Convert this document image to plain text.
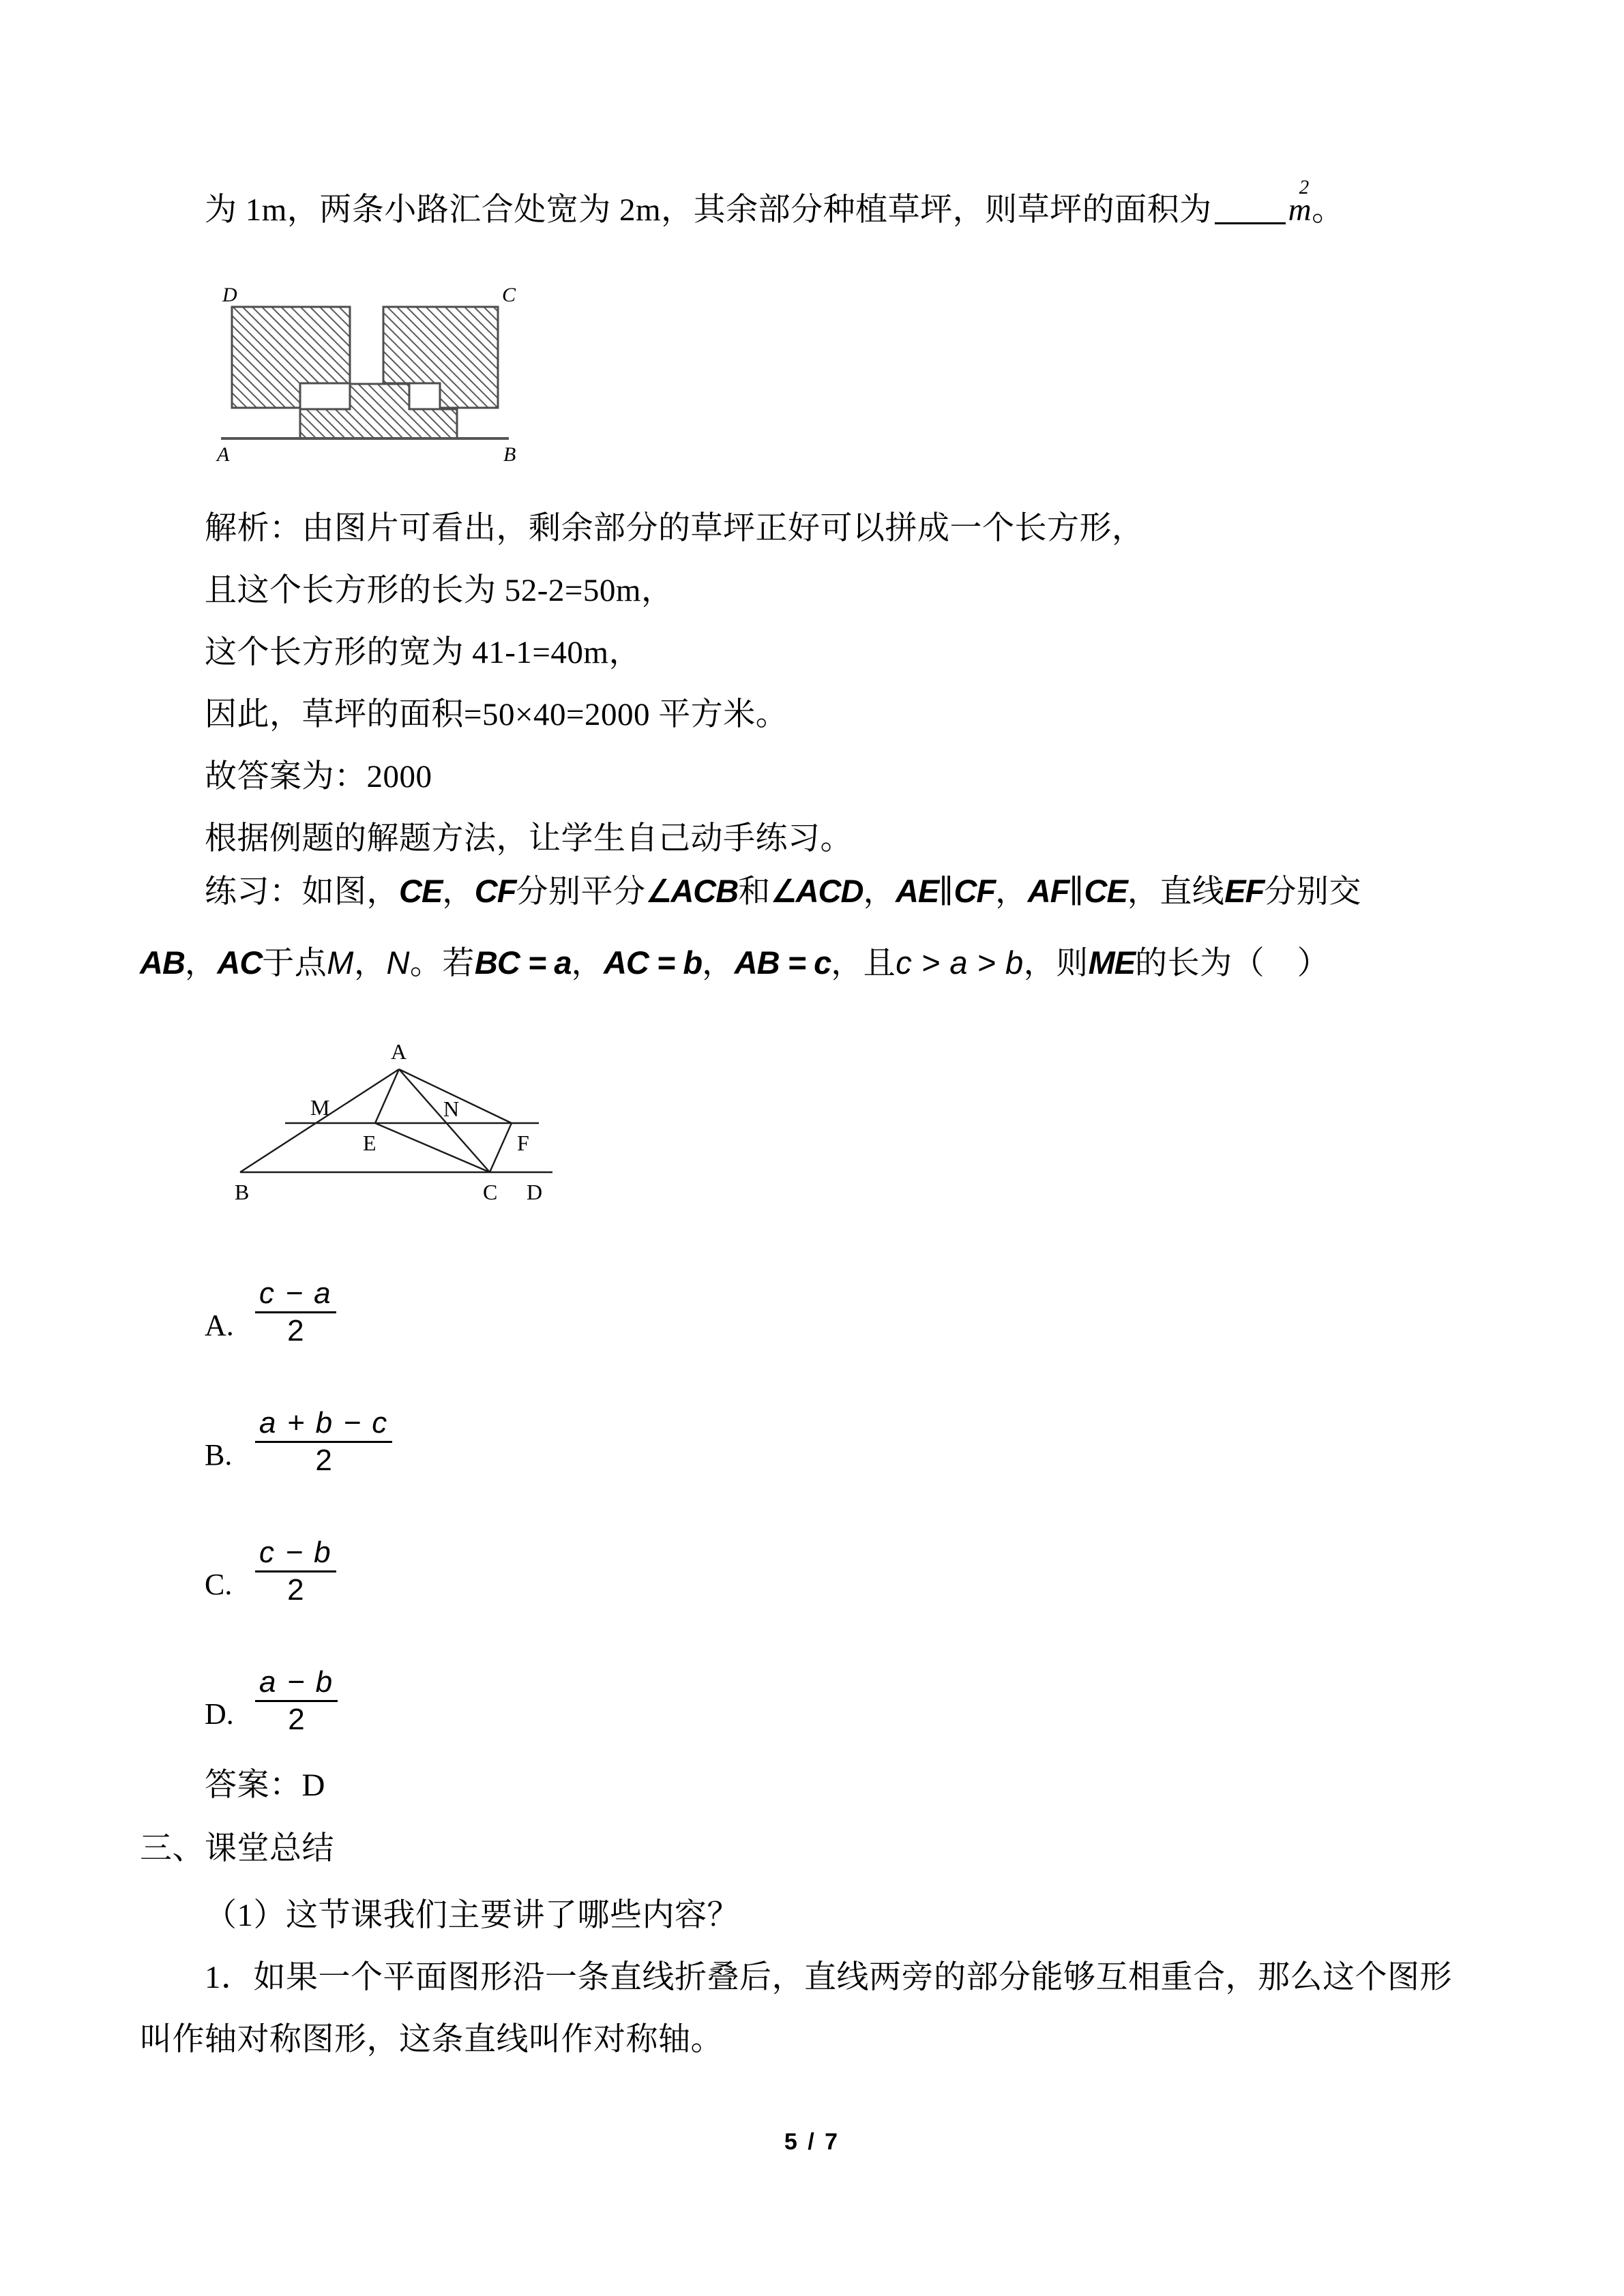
为 1m，两条小路汇合处宽为 2m，其余部分种植草坪，则草坪的面积为 m
2
。
D	C
A	B
解析：由图片可看出，剩余部分的草坪正好可以拼成一个长方形，
且这个长方形的长为 52-2=50m，
这个长方形的宽为 41-1=40m，
因此，草坪的面积=50×40=2000 平方米。
故答案为：2000
根据例题的解题方法，让学生自己动手练习。
练习：如图，CE，CF分别平分∠ACB和∠ACD，AE∥CF，AF∥CE，直线EF分别交
AB，AC于点M，N。若BC = a，AC = b，AB = c，且c > a > b，则ME的长为（　）
A
M	N
E	F
B	C D
A. $\frac{c - a}{2}$
B. $\frac{a + b - c}{2}$
C. $\frac{c - b}{2}$
D. $\frac{a - b}{2}$
答案：D
三、课堂总结
（1）这节课我们主要讲了哪些内容？
1．如果一个平面图形沿一条直线折叠后，直线两旁的部分能够互相重合，那么这个图形
叫作轴对称图形，这条直线叫作对称轴。
5 / 7
